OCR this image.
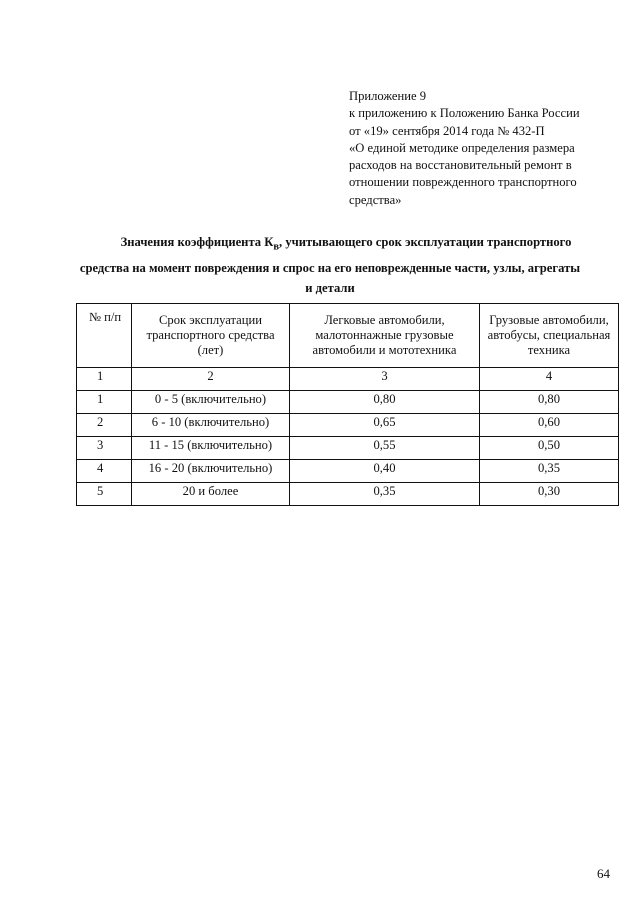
Приложение 9
к приложению к Положению Банка России
от «19» сентября 2014 года № 432-П
«О единой методике определения размера
расходов на восстановительный ремонт в
отношении поврежденного транспортного
средства»
Значения коэффициента $К_в$, учитывающего срок эксплуатации транспортного
средства на момент повреждения и спрос на его неповрежденные части, узлы, агрегаты
и детали
№ п/п	Срок эксплуатации транспортного средства (лет)	Легковые автомобили, малотоннажные грузовые автомобили и мототехника	Грузовые автомобили, автобусы, специальная техника
1	2	3	4
1	0 - 5 (включительно)	0,80	0,80
2	6 - 10 (включительно)	0,65	0,60
3	11 - 15 (включительно)	0,55	0,50
4	16 - 20 (включительно)	0,40	0,35
5	20 и более	0,35	0,30
64
